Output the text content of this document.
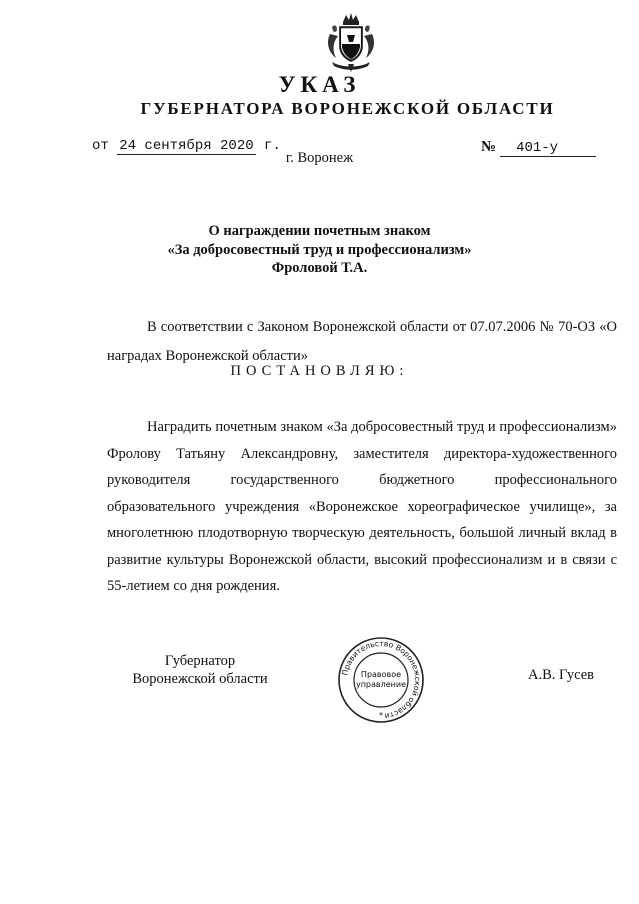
УКАЗ
ГУБЕРНАТОРА ВОРОНЕЖСКОЙ ОБЛАСТИ
от 24 сентября 2020 г.	№ 401-у
г. Воронеж
О награждении почетным знаком
«За добросовестный труд и профессионализм»
Фроловой Т.А.
В соответствии с Законом Воронежской области от 07.07.2006 № 70-ОЗ «О наградах Воронежской области»
ПОСТАНОВЛЯЮ:
Наградить почетным знаком «За добросовестный труд и профессионализм» Фролову Татьяну Александровну, заместителя директора-художественного руководителя государственного бюджетного профессионального образовательного учреждения «Воронежское хореографическое училище», за многолетнюю плодотворную творческую деятельность, большой личный вклад в развитие культуры Воронежской области, высокий профессионализм и в связи с 55-летием со дня рождения.
Губернатор
Воронежской области	Правительство Воронежской области
Правовое
управление
*
А.В. Гусев
